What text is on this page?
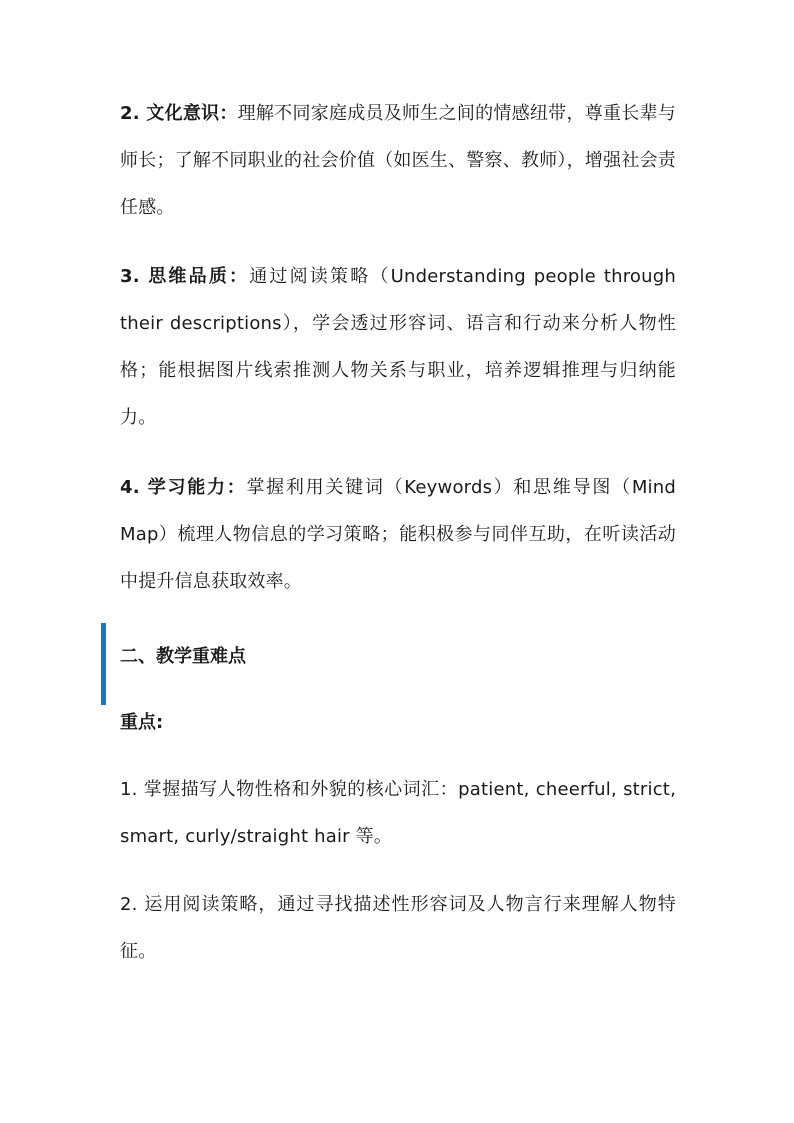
2. 文化意识：理解不同家庭成员及师生之间的情感纽带，尊重长辈与师长；了解不同职业的社会价值（如医生、警察、教师），增强社会责任感。

3. 思维品质：通过阅读策略（Understanding people through their descriptions），学会透过形容词、语言和行动来分析人物性格；能根据图片线索推测人物关系与职业，培养逻辑推理与归纳能力。

4. 学习能力：掌握利用关键词（Keywords）和思维导图（Mind Map）梳理人物信息的学习策略；能积极参与同伴互助，在听读活动中提升信息获取效率。

二、教学重难点

重点:

1. 掌握描写人物性格和外貌的核心词汇：patient, cheerful, strict, smart, curly/straight hair 等。

2. 运用阅读策略，通过寻找描述性形容词及人物言行来理解人物特征。
